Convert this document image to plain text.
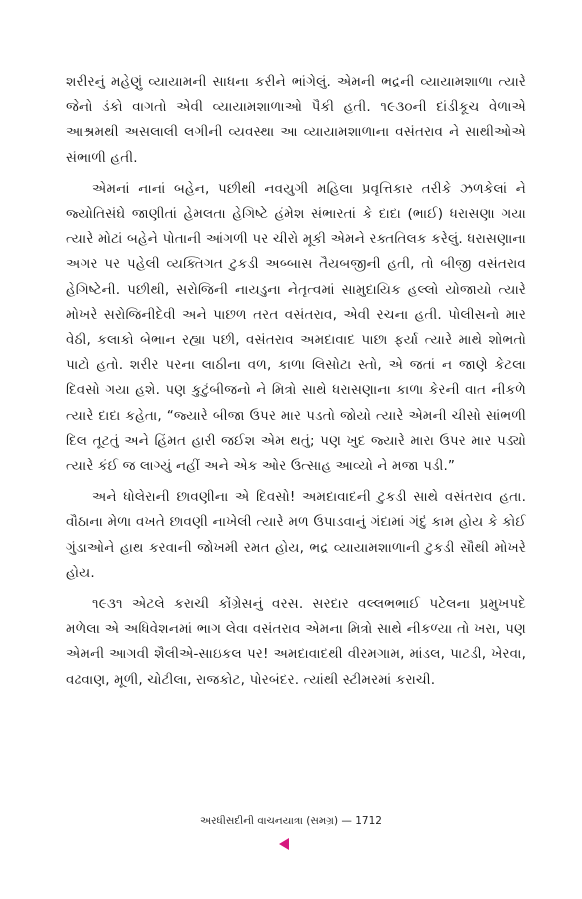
શરીરનું મહેણું વ્યાયામની સાધના કરીને ભાંગેલું. એમની ભદ્રની વ્યાયામશાળા ત્યારે જેનો ડંકો વાગતો એવી વ્યાયામશાળાઓ પૈકી હતી. ૧૯૩૦ની દાંડીકૂચ વેળાએ આશ્રમથી અસલાલી લગીની વ્યવસ્થા આ વ્યાયામશાળાના વસંતરાવ ને સાથીઓએ સંભાળી હતી.

એમનાં નાનાં બહેન, પછીથી નવયુગી મહિલા પ્રવૃત્તિકાર તરીકે ઝળકેલાં ને જ્યોતિસંઘે જાણીતાં હેમલતા હેગિષ્ટે હંમેશ સંભારતાં કે દાદા (ભાઈ) ધરાસણા ગયા ત્યારે મોટાં બહેને પોતાની આંગળી પર ચીરો મૂકી એમને રક્તતિલક કરેલું. ધરાસણાના અગર પર પહેલી વ્યક્તિગત ટુકડી અબ્બાસ તૈયબજીની હતી, તો બીજી વસંતરાવ હેગિષ્ટેની. પછીથી, સરોજિની નાયડુના નેતૃત્વમાં સામુદાયિક હલ્લો યોજાયો ત્યારે મોખરે સરોજિનીદેવી અને પાછળ તરત વસંતરાવ, એવી રચના હતી. પોલીસનો માર વેઠી, કલાકો બેભાન રહ્યા પછી, વસંતરાવ અમદાવાદ પાછા ફર્યા ત્યારે માથે શોભતો પાટો હતો. શરીર પરના લાઠીના વળ, કાળા લિસોટા સ્તો, એ જતાં ન જાણે કેટલા દિવસો ગયા હશે. પણ કુટુંબીજનો ને મિત્રો સાથે ધરાસણાના કાળા કેરની વાત નીકળે ત્યારે દાદા કહેતા, “જ્યારે બીજા ઉપર માર પડતો જોયો ત્યારે એમની ચીસો સાંભળી દિલ તૂટતું અને હિંમત હારી જઈશ એમ થતું; પણ ખુદ જ્યારે મારા ઉપર માર પડ્યો ત્યારે કંઈ જ લાગ્યું નહીં અને એક ઓર ઉત્સાહ આવ્યો ને મજા પડી.”

અને ધોલેરાની છાવણીના એ દિવસો! અમદાવાદની ટુકડી સાથે વસંતરાવ હતા. વૌઠાના મેળા વખતે છાવણી નાખેલી ત્યારે મળ ઉપાડવાનું ગંદામાં ગંદું કામ હોય કે કોઈ ગુંડાઓને હાથ કરવાની જોખમી રમત હોય, ભદ્ર વ્યાયામશાળાની ટુકડી સૌથી મોખરે હોય.

૧૯૩૧ એટલે કરાચી કોંગ્રેસનું વરસ. સરદાર વલ્લભભાઈ પટેલના પ્રમુખપદે મળેલા એ અધિવેશનમાં ભાગ લેવા વસંતરાવ એમના મિત્રો સાથે નીકળ્યા તો ખરા, પણ એમની આગવી શૈલીએ-સાઇકલ પર! અમદાવાદથી વીરમગામ, માંડલ, પાટડી, ખેરવા, વઢવાણ, મૂળી, ચોટીલા, રાજકોટ, પોરબંદર. ત્યાંથી સ્ટીમરમાં કરાચી.

અરધીસદીની વાચનયાત્રા (સમગ્ર) — 1712
